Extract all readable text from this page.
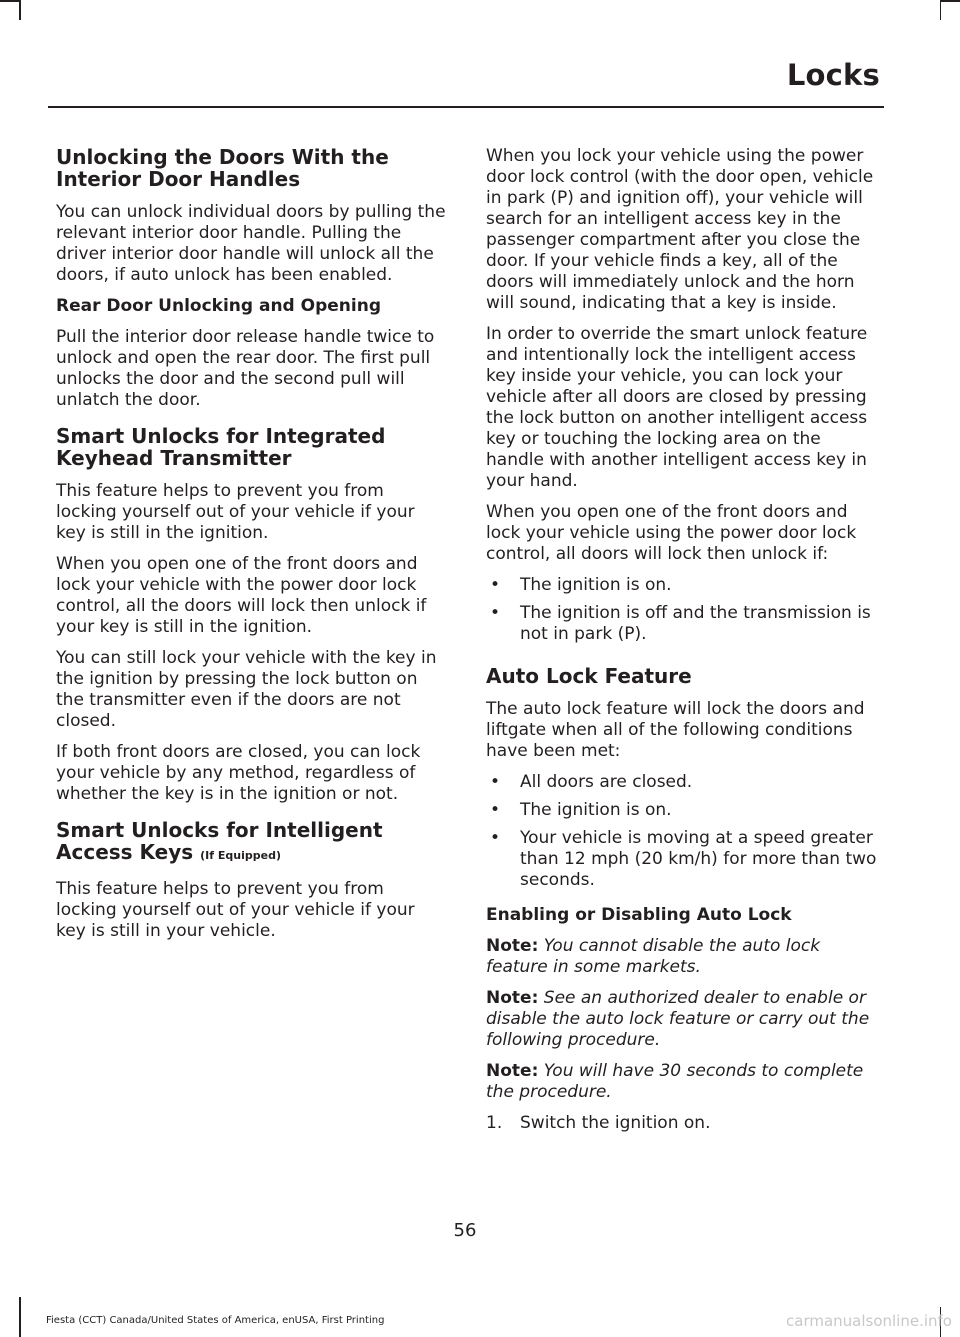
Locks
Unlocking the Doors With the Interior Door Handles

You can unlock individual doors by pulling the relevant interior door handle. Pulling the driver interior door handle will unlock all the doors, if auto unlock has been enabled.

Rear Door Unlocking and Opening

Pull the interior door release handle twice to unlock and open the rear door. The first pull unlocks the door and the second pull will unlatch the door.

Smart Unlocks for Integrated Keyhead Transmitter

This feature helps to prevent you from locking yourself out of your vehicle if your key is still in the ignition.

When you open one of the front doors and lock your vehicle with the power door lock control, all the doors will lock then unlock if your key is still in the ignition.

You can still lock your vehicle with the key in the ignition by pressing the lock button on the transmitter even if the doors are not closed.

If both front doors are closed, you can lock your vehicle by any method, regardless of whether the key is in the ignition or not.

Smart Unlocks for Intelligent Access Keys (If Equipped)

This feature helps to prevent you from locking yourself out of your vehicle if your key is still in your vehicle.

When you lock your vehicle using the power door lock control (with the door open, vehicle in park (P) and ignition off), your vehicle will search for an intelligent access key in the passenger compartment after you close the door. If your vehicle finds a key, all of the doors will immediately unlock and the horn will sound, indicating that a key is inside.

In order to override the smart unlock feature and intentionally lock the intelligent access key inside your vehicle, you can lock your vehicle after all doors are closed by pressing the lock button on another intelligent access key or touching the locking area on the handle with another intelligent access key in your hand.

When you open one of the front doors and lock your vehicle using the power door lock control, all doors will lock then unlock if:

• The ignition is on.
• The ignition is off and the transmission is not in park (P).
Auto Lock Feature

The auto lock feature will lock the doors and liftgate when all of the following conditions have been met:

• All doors are closed.
• The ignition is on.
• Your vehicle is moving at a speed greater than 12 mph (20 km/h) for more than two seconds.
Enabling or Disabling Auto Lock

Note: You cannot disable the auto lock feature in some markets.

Note: See an authorized dealer to enable or disable the auto lock feature or carry out the following procedure.

Note: You will have 30 seconds to complete the procedure.

1. Switch the ignition on.
56
Fiesta (CCT) Canada/United States of America, enUSA, First Printing	carmanualsonline.info
